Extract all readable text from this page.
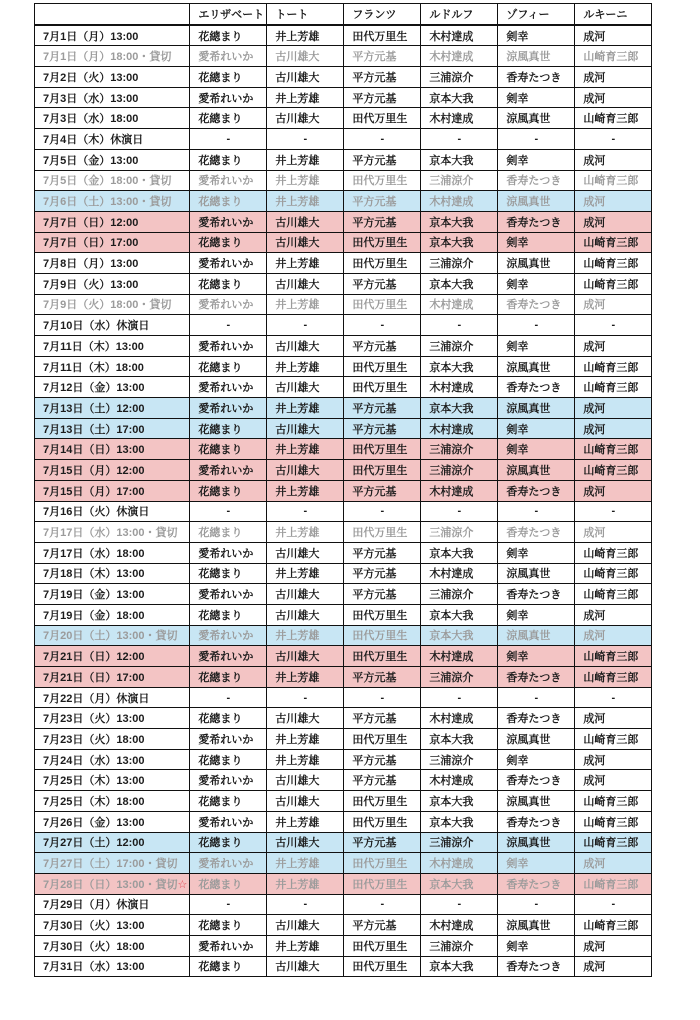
	エリザベート	トート	フランツ	ルドルフ	ゾフィー	ルキーニ
7月1日（月）13:00	花總まり	井上芳雄	田代万里生	木村達成	剣幸	成河
7月1日（月）18:00・貸切	愛希れいか	古川雄大	平方元基	木村達成	涼風真世	山崎育三郎
7月2日（火）13:00	花總まり	古川雄大	平方元基	三浦涼介	香寿たつき	成河
7月3日（水）13:00	愛希れいか	井上芳雄	平方元基	京本大我	剣幸	成河
7月3日（水）18:00	花總まり	古川雄大	田代万里生	木村達成	涼風真世	山崎育三郎
7月4日（木）休演日	-	-	-	-	-	-
7月5日（金）13:00	花總まり	井上芳雄	平方元基	京本大我	剣幸	成河
7月5日（金）18:00・貸切	愛希れいか	井上芳雄	田代万里生	三浦涼介	香寿たつき	山崎育三郎
7月6日（土）13:00・貸切	花總まり	井上芳雄	平方元基	木村達成	涼風真世	成河
7月7日（日）12:00	愛希れいか	古川雄大	平方元基	京本大我	香寿たつき	成河
7月7日（日）17:00	花總まり	古川雄大	田代万里生	京本大我	剣幸	山崎育三郎
7月8日（月）13:00	愛希れいか	井上芳雄	田代万里生	三浦涼介	涼風真世	山崎育三郎
7月9日（火）13:00	花總まり	古川雄大	平方元基	京本大我	剣幸	山崎育三郎
7月9日（火）18:00・貸切	愛希れいか	井上芳雄	田代万里生	木村達成	香寿たつき	成河
7月10日（水）休演日	-	-	-	-	-	-
7月11日（木）13:00	愛希れいか	古川雄大	平方元基	三浦涼介	剣幸	成河
7月11日（木）18:00	花總まり	井上芳雄	田代万里生	京本大我	涼風真世	山崎育三郎
7月12日（金）13:00	愛希れいか	古川雄大	田代万里生	木村達成	香寿たつき	山崎育三郎
7月13日（土）12:00	愛希れいか	井上芳雄	平方元基	京本大我	涼風真世	成河
7月13日（土）17:00	花總まり	古川雄大	平方元基	木村達成	剣幸	成河
7月14日（日）13:00	花總まり	井上芳雄	田代万里生	三浦涼介	剣幸	山崎育三郎
7月15日（月）12:00	愛希れいか	古川雄大	田代万里生	三浦涼介	涼風真世	山崎育三郎
7月15日（月）17:00	花總まり	井上芳雄	平方元基	木村達成	香寿たつき	成河
7月16日（火）休演日	-	-	-	-	-	-
7月17日（水）13:00・貸切	花總まり	井上芳雄	田代万里生	三浦涼介	香寿たつき	成河
7月17日（水）18:00	愛希れいか	古川雄大	平方元基	京本大我	剣幸	山崎育三郎
7月18日（木）13:00	花總まり	井上芳雄	平方元基	木村達成	涼風真世	山崎育三郎
7月19日（金）13:00	愛希れいか	古川雄大	平方元基	三浦涼介	香寿たつき	山崎育三郎
7月19日（金）18:00	花總まり	古川雄大	田代万里生	京本大我	剣幸	成河
7月20日（土）13:00・貸切	愛希れいか	井上芳雄	田代万里生	京本大我	涼風真世	成河
7月21日（日）12:00	愛希れいか	古川雄大	田代万里生	木村達成	剣幸	山崎育三郎
7月21日（日）17:00	花總まり	井上芳雄	平方元基	三浦涼介	香寿たつき	山崎育三郎
7月22日（月）休演日	-	-	-	-	-	-
7月23日（火）13:00	花總まり	古川雄大	平方元基	木村達成	香寿たつき	成河
7月23日（火）18:00	愛希れいか	井上芳雄	田代万里生	京本大我	涼風真世	山崎育三郎
7月24日（水）13:00	花總まり	井上芳雄	平方元基	三浦涼介	剣幸	成河
7月25日（木）13:00	愛希れいか	古川雄大	平方元基	木村達成	香寿たつき	成河
7月25日（木）18:00	花總まり	古川雄大	田代万里生	京本大我	涼風真世	山崎育三郎
7月26日（金）13:00	愛希れいか	井上芳雄	田代万里生	京本大我	香寿たつき	山崎育三郎
7月27日（土）12:00	花總まり	古川雄大	平方元基	三浦涼介	涼風真世	山崎育三郎
7月27日（土）17:00・貸切	愛希れいか	井上芳雄	田代万里生	木村達成	剣幸	成河
7月28日（日）13:00・貸切☆	花總まり	井上芳雄	田代万里生	京本大我	香寿たつき	山崎育三郎
7月29日（月）休演日	-	-	-	-	-	-
7月30日（火）13:00	花總まり	古川雄大	平方元基	木村達成	涼風真世	山崎育三郎
7月30日（火）18:00	愛希れいか	井上芳雄	田代万里生	三浦涼介	剣幸	成河
7月31日（水）13:00	花總まり	古川雄大	田代万里生	京本大我	香寿たつき	成河
